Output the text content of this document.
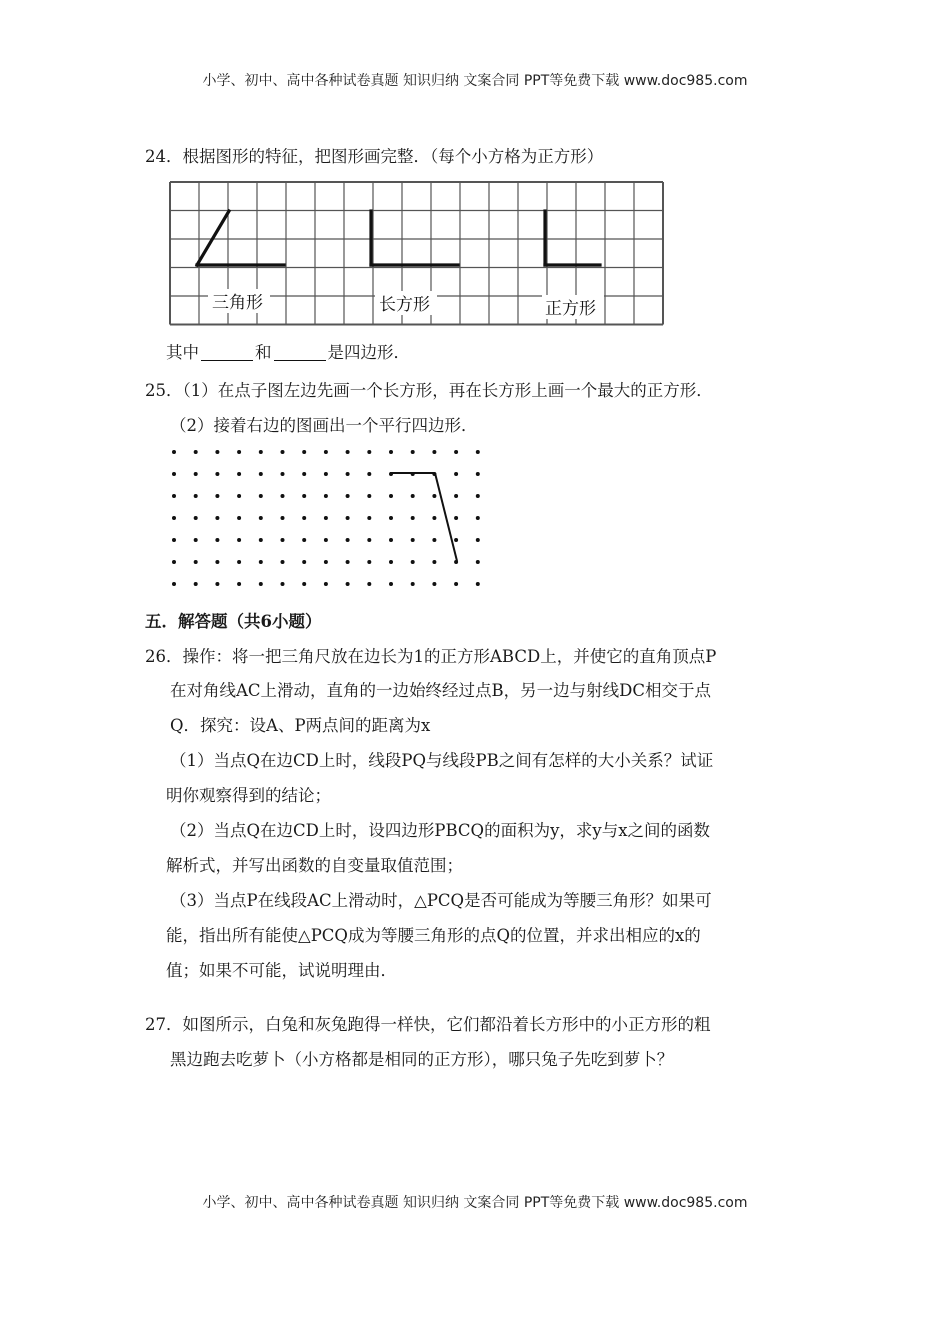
小学、初中、高中各种试卷真题 知识归纳 文案合同 PPT等免费下载 www.doc985.com
24．根据图形的特征，把图形画完整．（每个小方格为正方形）
三角形	长方形	正方形
其中	和	是四边形．
25．（1）在点子图左边先画一个长方形，再在长方形上画一个最大的正方形．
（2）接着右边的图画出一个平行四边形．
五．解答题（共6小题）
26．操作：将一把三角尺放在边长为1的正方形ABCD上，并使它的直角顶点P
在对角线AC上滑动，直角的一边始终经过点B，另一边与射线DC相交于点
Q．探究：设A、P两点间的距离为x
（1）当点Q在边CD上时，线段PQ与线段PB之间有怎样的大小关系？试证
明你观察得到的结论；
（2）当点Q在边CD上时，设四边形PBCQ的面积为y，求y与x之间的函数
解析式，并写出函数的自变量取值范围；
（3）当点P在线段AC上滑动时，△PCQ是否可能成为等腰三角形？如果可
能，指出所有能使△PCQ成为等腰三角形的点Q的位置，并求出相应的x的
值；如果不可能，试说明理由．
27．如图所示，白兔和灰兔跑得一样快，它们都沿着长方形中的小正方形的粗
黑边跑去吃萝卜（小方格都是相同的正方形），哪只兔子先吃到萝卜？
小学、初中、高中各种试卷真题 知识归纳 文案合同 PPT等免费下载 www.doc985.com
